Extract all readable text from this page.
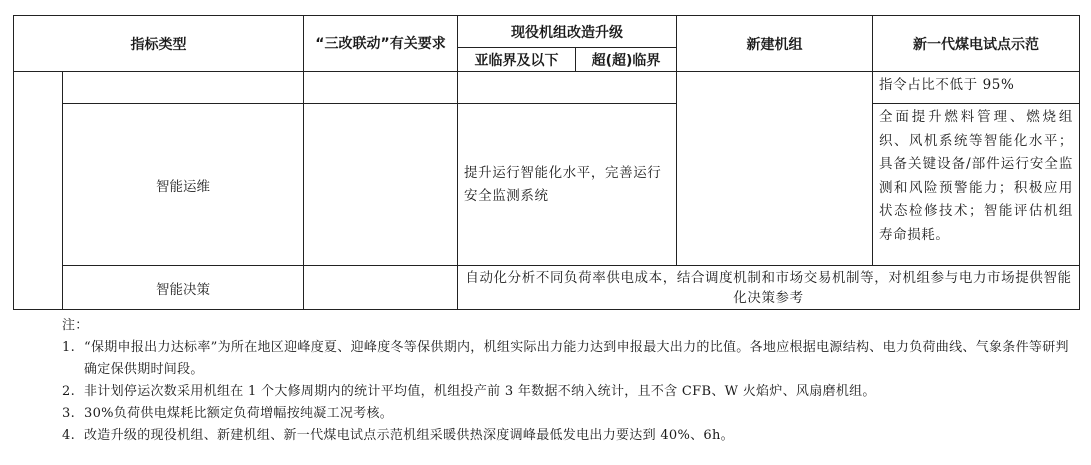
指标类型		“三改联动”有关要求	现役机组改造升级		新建机组	新一代煤电试点示范
			亚临界及以下	超(超)临界		

						指令占比不低于 95%

	智能运维		提升运行智能化水平，完善运行安全监测系统			全面提升燃料管理、燃烧组织、风机系统等智能化水平；具备关键设备/部件运行安全监测和风险预警能力；积极应用状态检修技术；智能评估机组寿命损耗。

	智能决策		自动化分析不同负荷率供电成本，结合调度机制和市场交易机制等，对机组参与电力市场提供智能化决策参考			
注：
1. “保期申报出力达标率”为所在地区迎峰度夏、迎峰度冬等保供期内，机组实际出力能力达到申报最大出力的比值。各地应根据电源结构、电力负荷曲线、气象条件等研判确定保供期时间段。
2. 非计划停运次数采用机组在 1 个大修周期内的统计平均值，机组投产前 3 年数据不纳入统计，且不含 CFB、W 火焰炉、风扇磨机组。
3. 30%负荷供电煤耗比额定负荷增幅按纯凝工况考核。
4. 改造升级的现役机组、新建机组、新一代煤电试点示范机组采暖供热深度调峰最低发电出力要达到 40%、6h。
